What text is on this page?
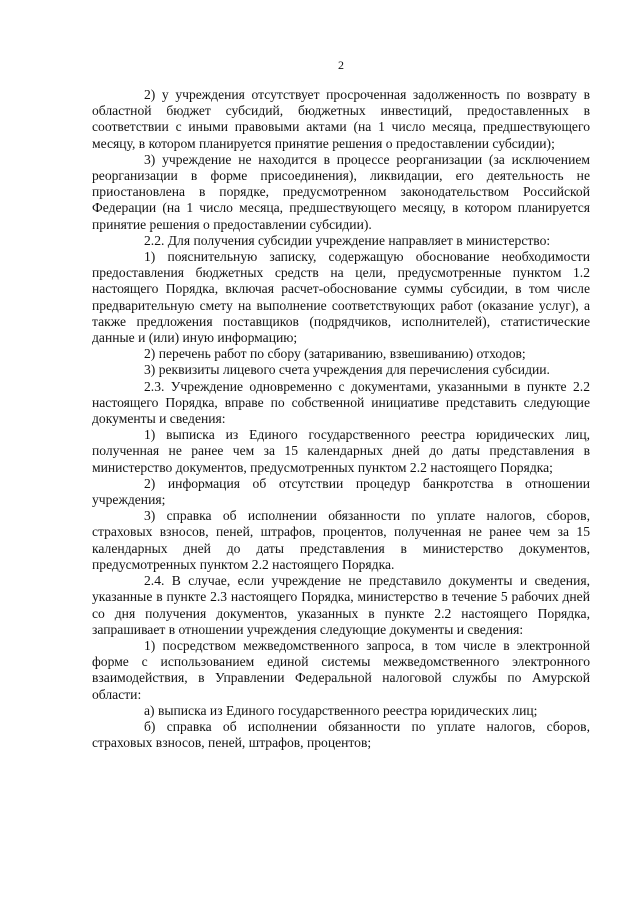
2

2) у учреждения отсутствует просроченная задолженность по возврату в областной бюджет субсидий, бюджетных инвестиций, предоставленных в соответствии с иными правовыми актами (на 1 число месяца, предшествующего месяцу, в котором планируется принятие решения о предоставлении субсидии);

3) учреждение не находится в процессе реорганизации (за исключением реорганизации в форме присоединения), ликвидации, его деятельность не приостановлена в порядке, предусмотренном законодательством Российской Федерации (на 1 число месяца, предшествующего месяцу, в котором планируется принятие решения о предоставлении субсидии).

2.2. Для получения субсидии учреждение направляет в министерство:

1) пояснительную записку, содержащую обоснование необходимости предоставления бюджетных средств на цели, предусмотренные пунктом 1.2 настоящего Порядка, включая расчет-обоснование суммы субсидии, в том числе предварительную смету на выполнение соответствующих работ (оказание услуг), а также предложения поставщиков (подрядчиков, исполнителей), статистические данные и (или) иную информацию;

2) перечень работ по сбору (затариванию, взвешиванию) отходов;

3) реквизиты лицевого счета учреждения для перечисления субсидии.

2.3. Учреждение одновременно с документами, указанными в пункте 2.2 настоящего Порядка, вправе по собственной инициативе представить следующие документы и сведения:

1) выписка из Единого государственного реестра юридических лиц, полученная не ранее чем за 15 календарных дней до даты представления в министерство документов, предусмотренных пунктом 2.2 настоящего Порядка;

2) информация об отсутствии процедур банкротства в отношении учреждения;

3) справка об исполнении обязанности по уплате налогов, сборов, страховых взносов, пеней, штрафов, процентов, полученная не ранее чем за 15 календарных дней до даты представления в министерство документов, предусмотренных пунктом 2.2 настоящего Порядка.

2.4. В случае, если учреждение не представило документы и сведения, указанные в пункте 2.3 настоящего Порядка, министерство в течение 5 рабочих дней со дня получения документов, указанных в пункте 2.2 настоящего Порядка, запрашивает в отношении учреждения следующие документы и сведения:

1) посредством межведомственного запроса, в том числе в электронной форме с использованием единой системы межведомственного электронного взаимодействия, в Управлении Федеральной налоговой службы по Амурской области:

а) выписка из Единого государственного реестра юридических лиц;

б) справка об исполнении обязанности по уплате налогов, сборов, страховых взносов, пеней, штрафов, процентов;
